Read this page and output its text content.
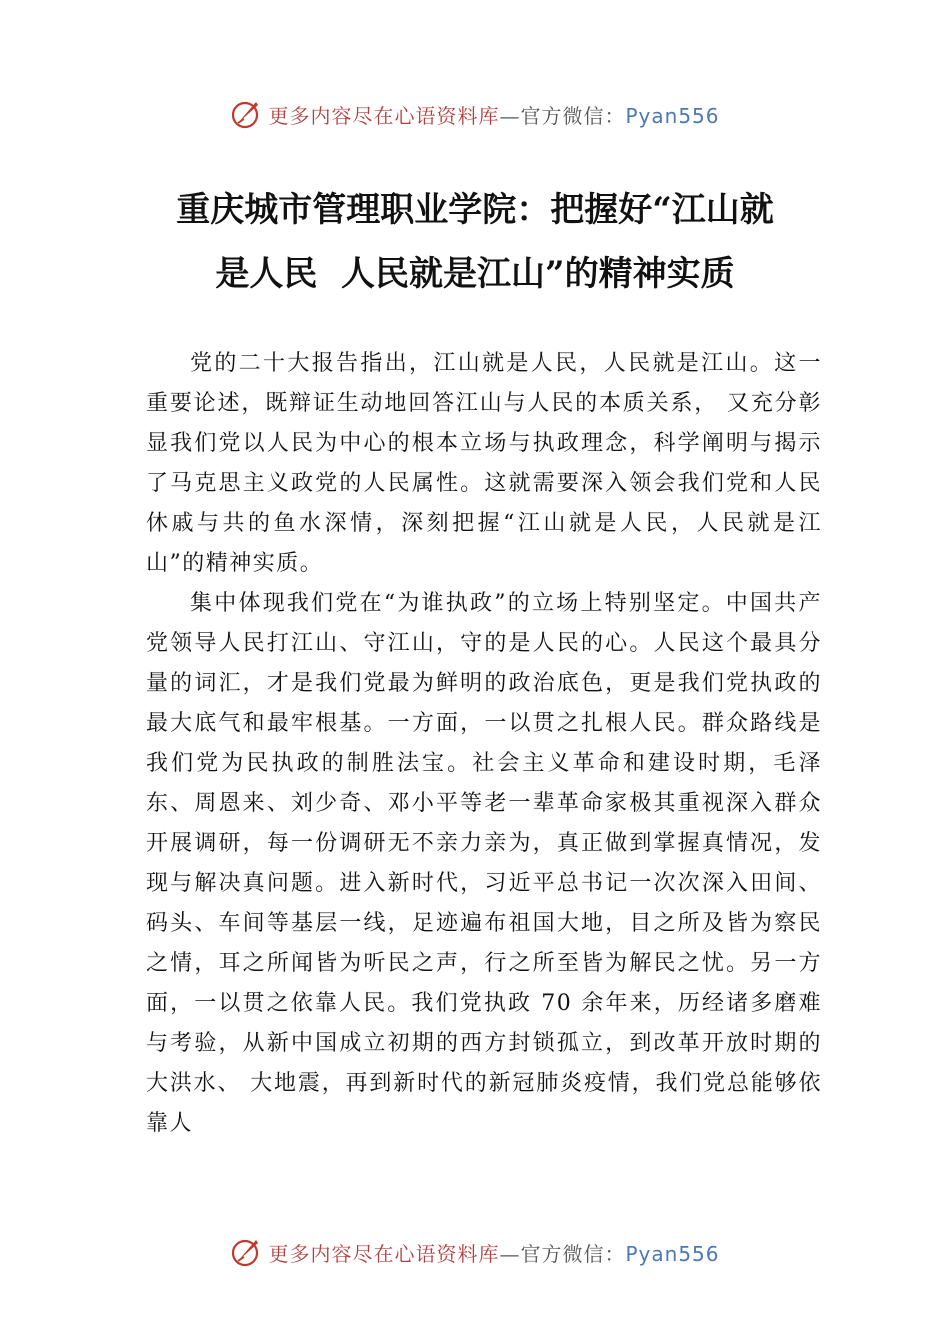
更多内容尽在心语资料库—官方微信：Pyan556
重庆城市管理职业学院：把握好“江山就
是人民  人民就是江山”的精神实质

党的二十大报告指出，江山就是人民，人民就是江山。这一重要论述，既辩证生动地回答江山与人民的本质关系， 又充分彰显我们党以人民为中心的根本立场与执政理念，科学阐明与揭示了马克思主义政党的人民属性。这就需要深入领会我们党和人民休戚与共的鱼水深情，深刻把握“江山就是人民，人民就是江山”的精神实质。

集中体现我们党在“为谁执政”的立场上特别坚定。中国共产党领导人民打江山、守江山，守的是人民的心。人民这个最具分量的词汇，才是我们党最为鲜明的政治底色，更是我们党执政的最大底气和最牢根基。一方面，一以贯之扎根人民。群众路线是我们党为民执政的制胜法宝。社会主义革命和建设时期，毛泽东、周恩来、刘少奇、邓小平等老一辈革命家极其重视深入群众开展调研，每一份调研无不亲力亲为，真正做到掌握真情况，发现与解决真问题。进入新时代，习近平总书记一次次深入田间、码头、车间等基层一线，足迹遍布祖国大地，目之所及皆为察民之情，耳之所闻皆为听民之声，行之所至皆为解民之忧。另一方面，一以贯之依靠人民。我们党执政 70 余年来，历经诸多磨难与考验，从新中国成立初期的西方封锁孤立，到改革开放时期的大洪水、 大地震，再到新时代的新冠肺炎疫情，我们党总能够依靠人

更多内容尽在心语资料库—官方微信：Pyan556
